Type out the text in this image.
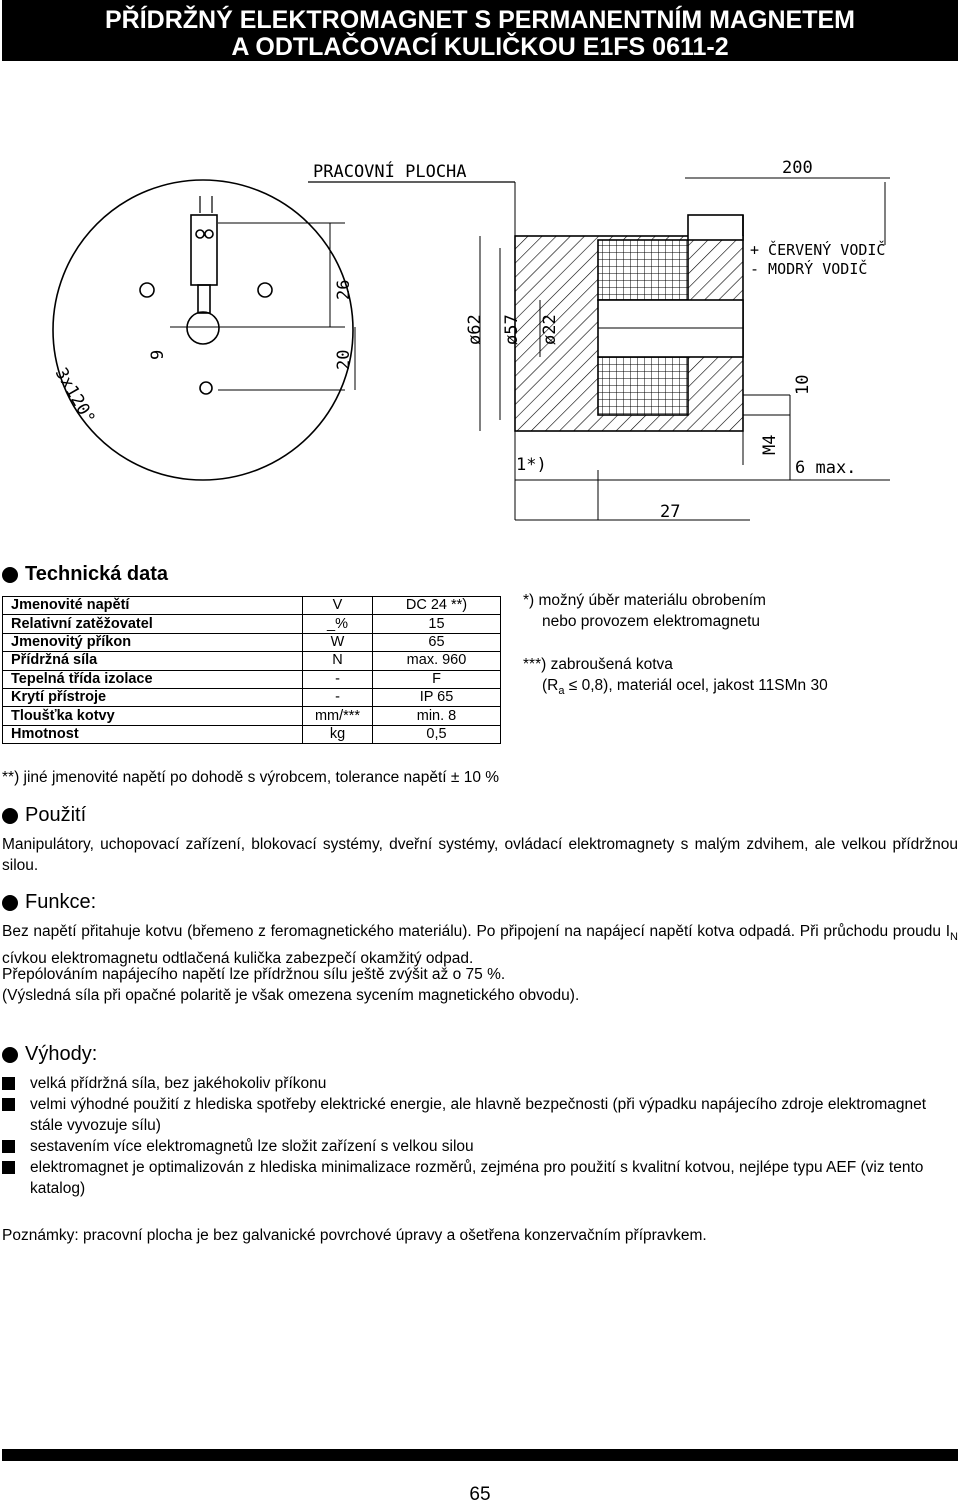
PŘÍDRŽNÝ ELEKTROMAGNET S PERMANENTNÍM MAGNETEM
A ODTLAČOVACÍ KULIČKOU E1FS 0611-2
PRACOVNÍ PLOCHA	200
+ ČERVENÝ VODIČ
- MODRÝ VODIČ
26
20
9
3x120°
ø62 ø57 ø22
10
M4
1*)	6 max.
27
Technická data
Jmenovité napětí	V	DC 24 **)
Relativní zatěžovatel	_%	15
Jmenovitý příkon	W	65
Přídržná síla	N	max. 960
Tepelná třída izolace	-	F
Krytí přístroje	-	IP 65
Tloušťka kotvy	mm/***	min. 8
Hmotnost	kg	0,5
*) možný úběr materiálu obrobením
nebo provozem elektromagnetu
***) zabroušená kotva
$(R_a \le 0,8)$, materiál ocel, jakost 11SMn 30
**) jiné jmenovité napětí po dohodě s výrobcem, tolerance napětí ± 10 %
Použití
Manipulátory, uchopovací zařízení, blokovací systémy, dveřní systémy, ovládací elektromagnety s malým zdvihem, ale velkou přídržnou silou.
Funkce:
Bez napětí přitahuje kotvu (břemeno z feromagnetického materiálu). Po připojení na napájecí napětí kotva odpadá. Při průchodu proudu $I_N$ cívkou elektromagnetu odtlačená kulička zabezpečí okamžitý odpad.
Přepólováním napájecího napětí lze přídržnou sílu ještě zvýšit až o 75 %.
(Výsledná síla při opačné polaritě je však omezena sycením magnetického obvodu).
Výhody:
velká přídržná síla, bez jakéhokoliv příkonu
velmi výhodné použití z hlediska spotřeby elektrické energie, ale hlavně bezpečnosti (při výpadku napájecího zdroje elektromagnet stále vyvozuje sílu)
sestavením více elektromagnetů lze složit zařízení s velkou silou
elektromagnet je optimalizován z hlediska minimalizace rozměrů, zejména pro použití s kvalitní kotvou, nejlépe typu AEF (viz tento katalog)
Poznámky: pracovní plocha je bez galvanické povrchové úpravy a ošetřena konzervačním přípravkem.
65
